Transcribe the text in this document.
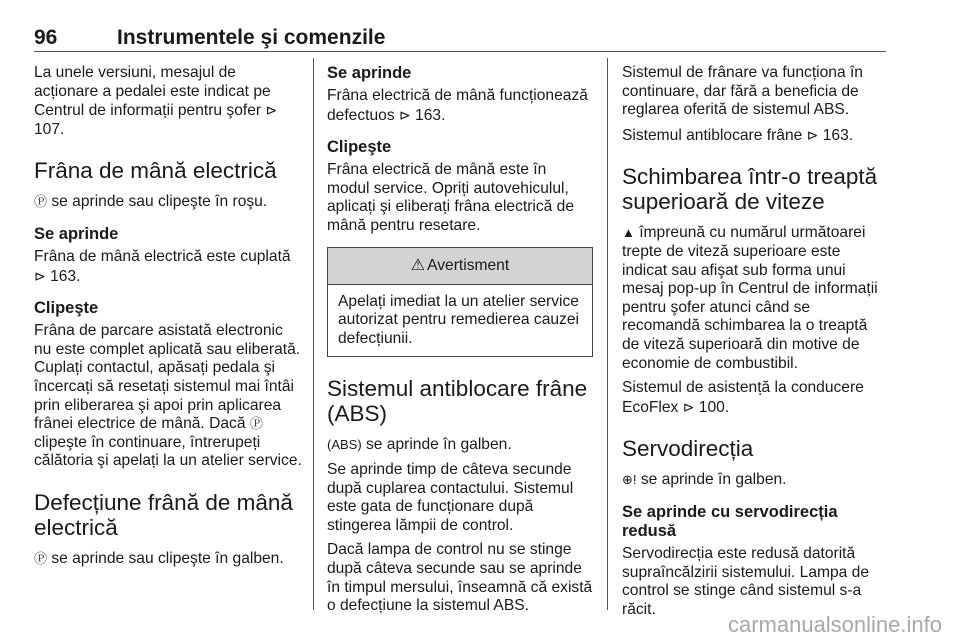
96	Instrumentele şi comenzile

La unele versiuni, mesajul de acționare a pedalei este indicat pe Centrul de informații pentru şofer ⊳ 107.

Frâna de mână electrică

Ⓟ se aprinde sau clipeşte în roşu.

Se aprinde

Frâna de mână electrică este cuplată ⊳ 163.

Clipeşte

Frâna de parcare asistată electronic nu este complet aplicată sau eliberată. Cuplați contactul, apăsați pedala şi încercați să resetați sistemul mai întâi prin eliberarea şi apoi prin aplicarea frânei electrice de mână. Dacă Ⓟ clipeşte în continuare, întrerupeți călătoria şi apelați la un atelier service.

Defecțiune frână de mână electrică

Ⓟ se aprinde sau clipeşte în galben.

Se aprinde

Frâna electrică de mână funcționează defectuos ⊳ 163.

Clipeşte

Frâna electrică de mână este în modul service. Opriți autovehiculul, aplicați şi eliberați frâna electrică de mână pentru resetare.

⚠ Avertisment
Apelați imediat la un atelier service autorizat pentru remedierea cauzei defecțiunii.
Sistemul antiblocare frâne (ABS)

(ABS) se aprinde în galben.

Se aprinde timp de câteva secunde după cuplarea contactului. Sistemul este gata de funcționare după stingerea lămpii de control.

Dacă lampa de control nu se stinge după câteva secunde sau se aprinde în timpul mersului, înseamnă că există o defecțiune la sistemul ABS.

Sistemul de frânare va funcționa în continuare, dar fără a beneficia de reglarea oferită de sistemul ABS.

Sistemul antiblocare frâne ⊳ 163.

Schimbarea într-o treaptă superioară de viteze

▲ împreună cu numărul următoarei trepte de viteză superioare este indicat sau afişat sub forma unui mesaj pop-up în Centrul de informații pentru şofer atunci când se recomandă schimbarea la o treaptă de viteză superioară din motive de economie de combustibil.

Sistemul de asistență la conducere EcoFlex ⊳ 100.

Servodirecția

⊕! se aprinde în galben.

Se aprinde cu servodirecția redusă

Servodirecția este redusă datorită supraîncălzirii sistemului. Lampa de control se stinge când sistemul s-a răcit.

carmanualsonline.info
